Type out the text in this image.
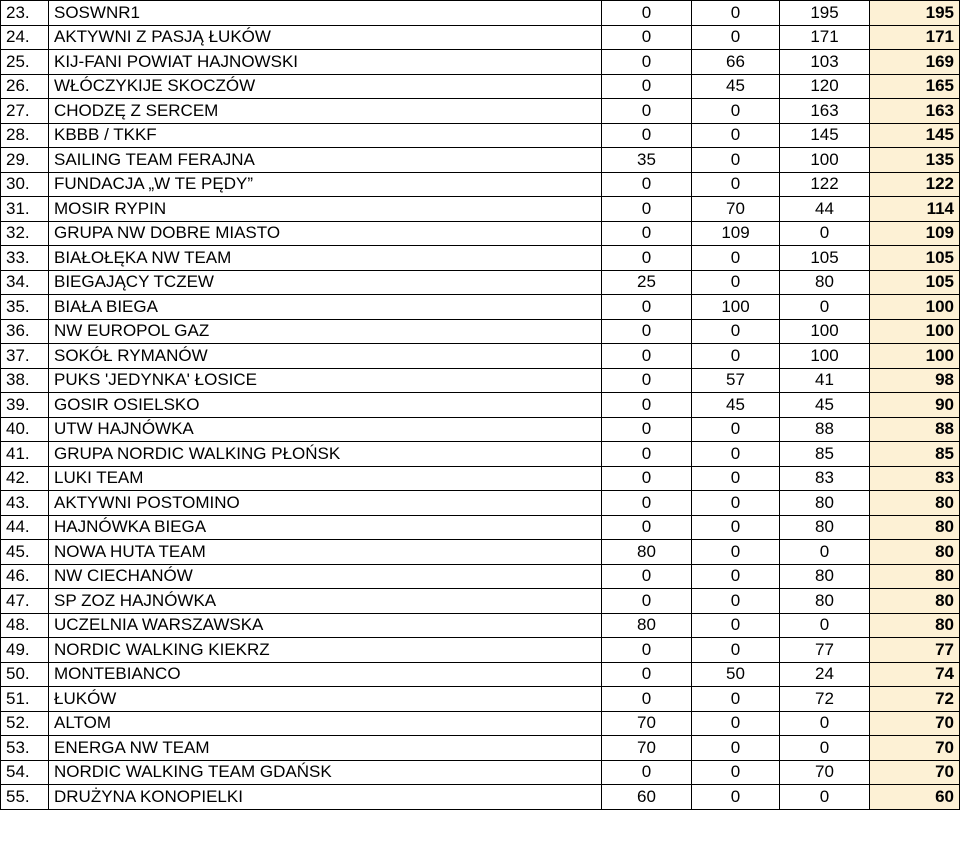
23.	SOSWNR1	0	0	195	195
24.	AKTYWNI Z PASJĄ ŁUKÓW	0	0	171	171
25.	KIJ-FANI POWIAT HAJNOWSKI	0	66	103	169
26.	WŁÓCZYKIJE SKOCZÓW	0	45	120	165
27.	CHODZĘ Z SERCEM	0	0	163	163
28.	KBBB / TKKF	0	0	145	145
29.	SAILING TEAM FERAJNA	35	0	100	135
30.	FUNDACJA „W TE PĘDY”	0	0	122	122
31.	MOSIR RYPIN	0	70	44	114
32.	GRUPA NW DOBRE MIASTO	0	109	0	109
33.	BIAŁOŁĘKA NW TEAM	0	0	105	105
34.	BIEGAJĄCY TCZEW	25	0	80	105
35.	BIAŁA BIEGA	0	100	0	100
36.	NW EUROPOL GAZ	0	0	100	100
37.	SOKÓŁ RYMANÓW	0	0	100	100
38.	PUKS 'JEDYNKA' ŁOSICE	0	57	41	98
39.	GOSIR OSIELSKO	0	45	45	90
40.	UTW HAJNÓWKA	0	0	88	88
41.	GRUPA NORDIC WALKING PŁOŃSK	0	0	85	85
42.	LUKI TEAM	0	0	83	83
43.	AKTYWNI POSTOMINO	0	0	80	80
44.	HAJNÓWKA BIEGA	0	0	80	80
45.	NOWA HUTA TEAM	80	0	0	80
46.	NW CIECHANÓW	0	0	80	80
47.	SP ZOZ HAJNÓWKA	0	0	80	80
48.	UCZELNIA WARSZAWSKA	80	0	0	80
49.	NORDIC WALKING KIEKRZ	0	0	77	77
50.	MONTEBIANCO	0	50	24	74
51.	ŁUKÓW	0	0	72	72
52.	ALTOM	70	0	0	70
53.	ENERGA NW TEAM	70	0	0	70
54.	NORDIC WALKING TEAM GDAŃSK	0	0	70	70
55.	DRUŻYNA KONOPIELKI	60	0	0	60
